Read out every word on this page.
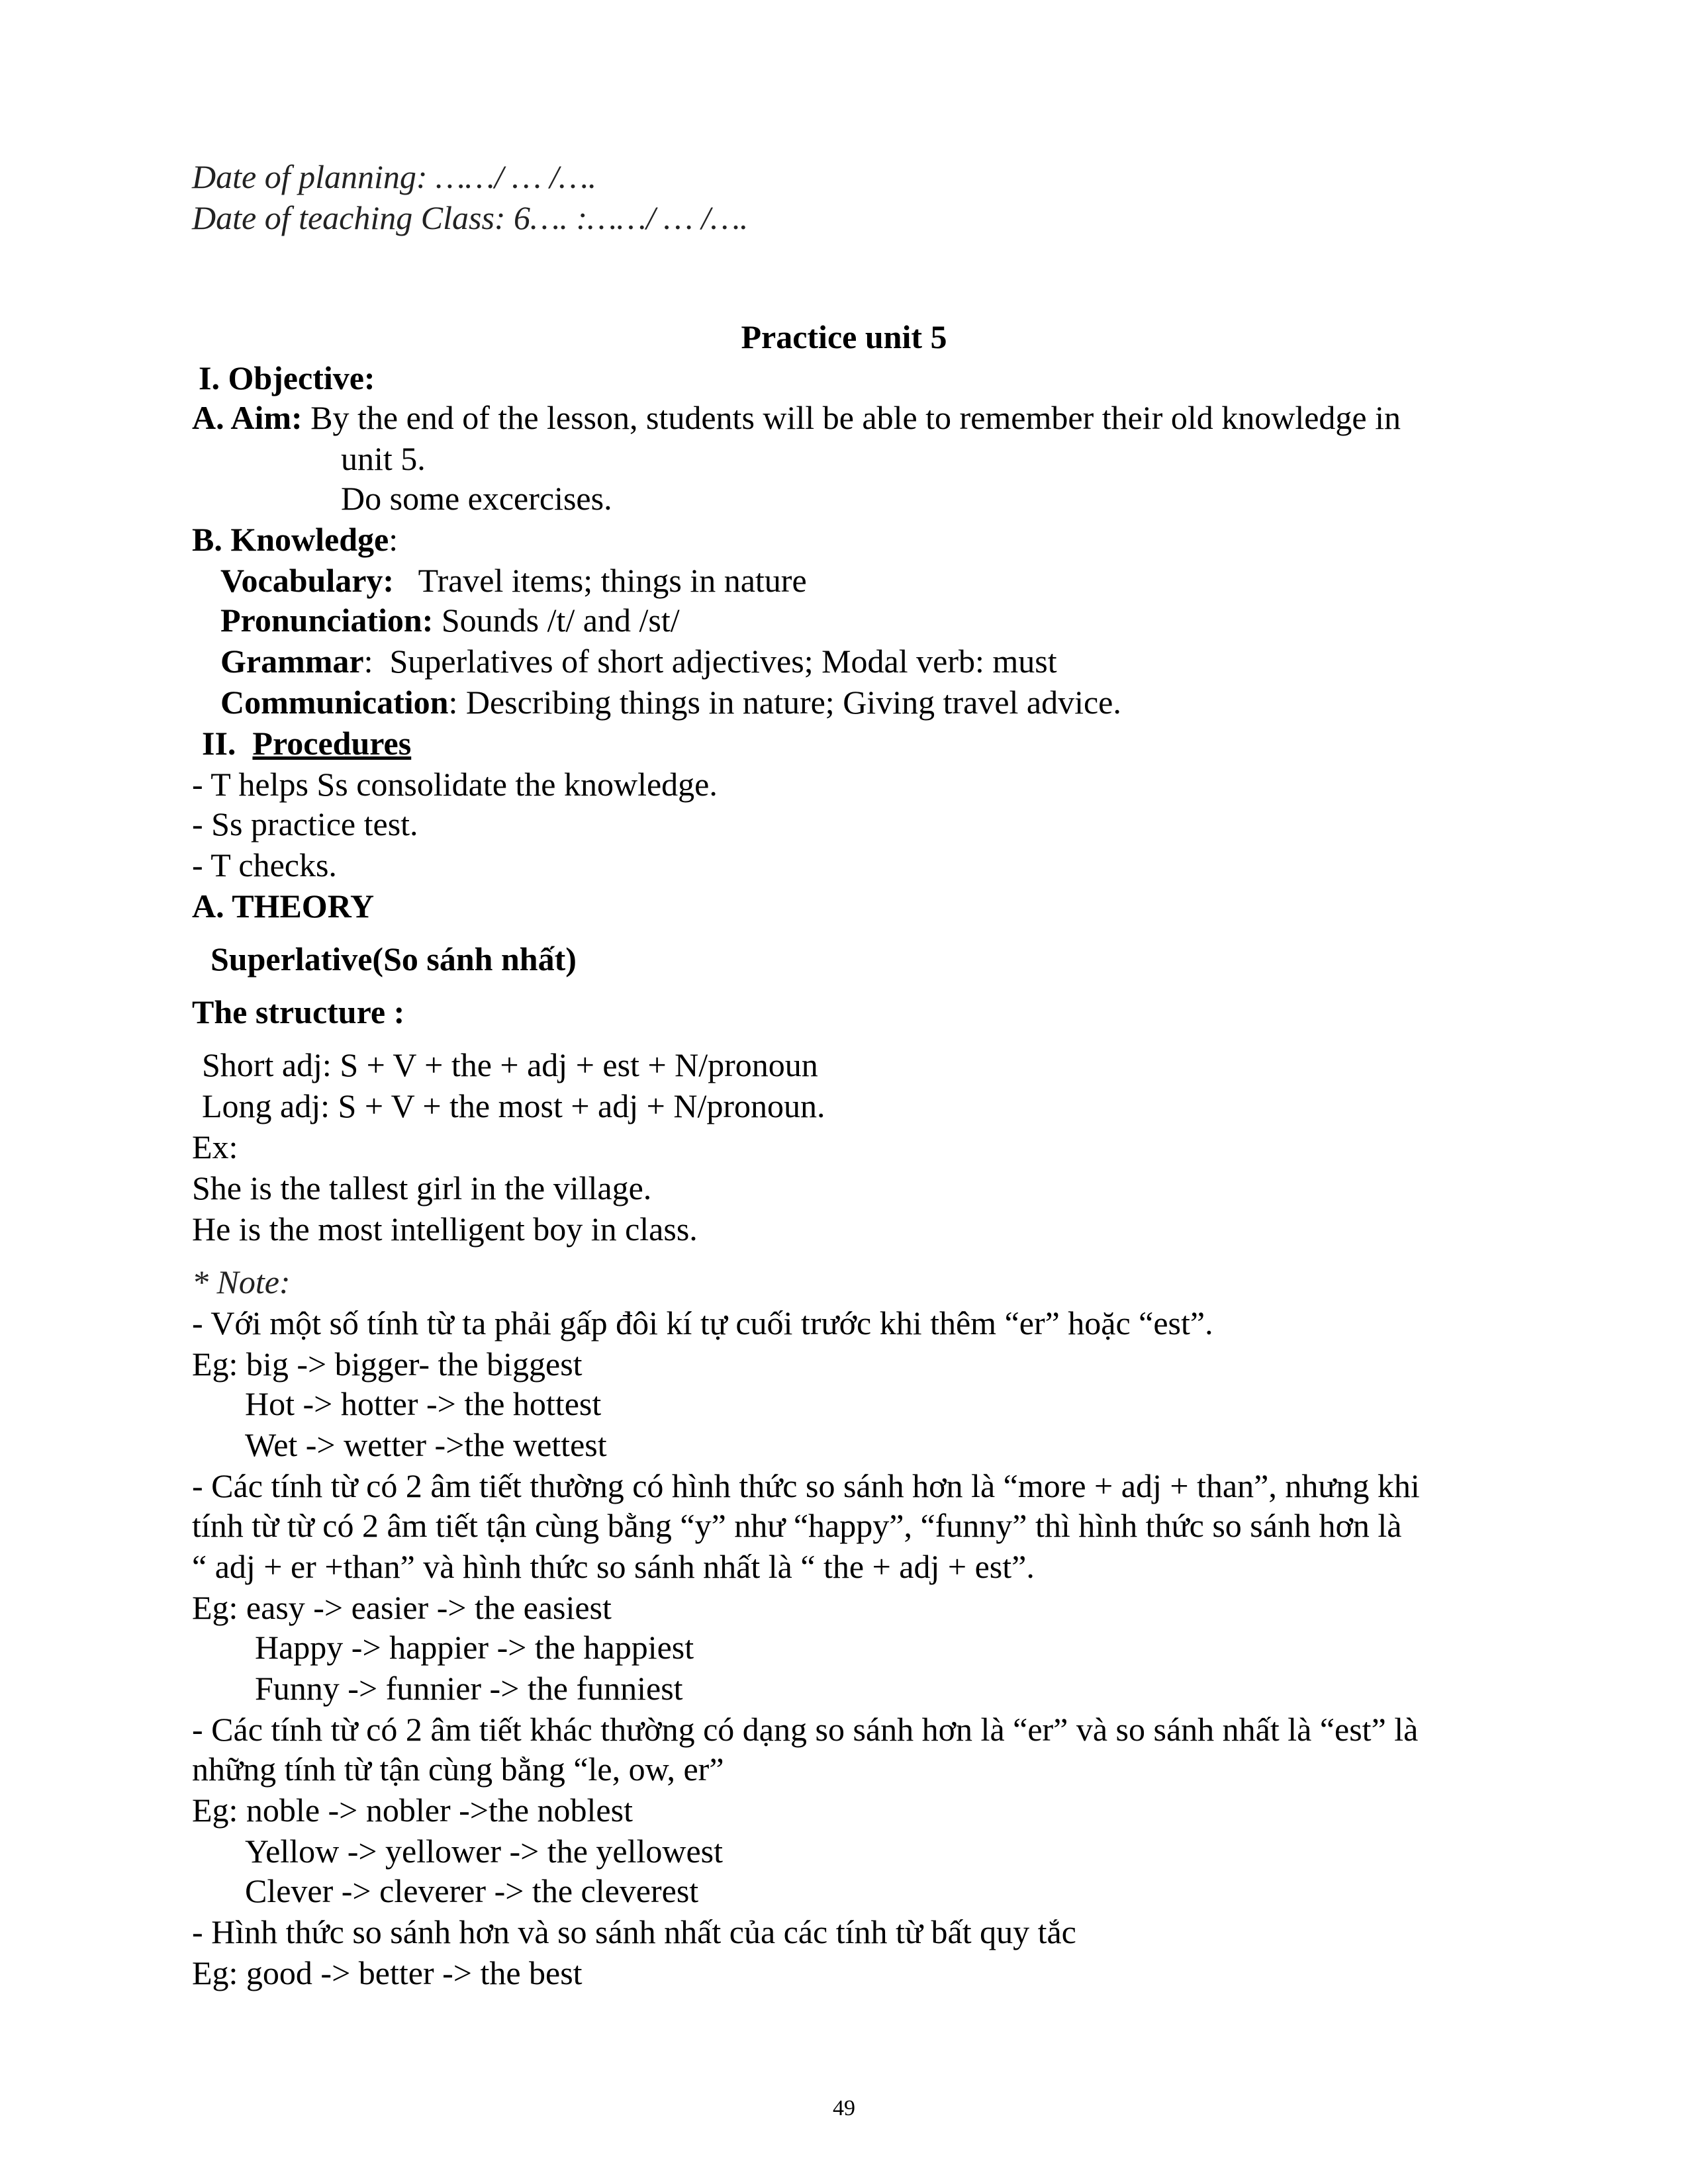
Date of planning: ……/ … /….
Date of teaching Class: 6…. :……/ … /….
Practice unit 5
I. Objective:
A. Aim: By the end of the lesson, students will be able to remember their old knowledge in
unit 5.
Do some excercises.
B. Knowledge:
Vocabulary:   Travel items; things in nature
Pronunciation: Sounds /t/ and /st/
Grammar:  Superlatives of short adjectives; Modal verb: must
Communication: Describing things in nature; Giving travel advice.
II. Procedures
- T helps Ss consolidate the knowledge.
- Ss practice test.
- T checks.
A. THEORY
Superlative(So sánh nhất)
The structure :
Short adj: S + V + the + adj + est + N/pronoun
Long adj: S + V + the most + adj + N/pronoun.
Ex:
She is the tallest girl in the village.
He is the most intelligent boy in class.
* Note:
- Với một số tính từ ta phải gấp đôi kí tự cuối trước khi thêm “er” hoặc “est”.
Eg: big -> bigger- the biggest
Hot -> hotter -> the hottest
Wet -> wetter ->the wettest
- Các tính từ có 2 âm tiết thường có hình thức so sánh hơn là “more + adj + than”, nhưng khi
tính từ từ có 2 âm tiết tận cùng bằng “y” như “happy”, “funny” thì hình thức so sánh hơn là
“ adj + er +than” và hình thức so sánh nhất là “ the + adj + est”.
Eg: easy -> easier -> the easiest
Happy -> happier -> the happiest
Funny -> funnier -> the funniest
- Các tính từ có 2 âm tiết khác thường có dạng so sánh hơn là “er” và so sánh nhất là “est” là
những tính từ tận cùng bằng “le, ow, er”
Eg: noble -> nobler ->the noblest
Yellow -> yellower -> the yellowest
Clever -> cleverer -> the cleverest
- Hình thức so sánh hơn và so sánh nhất của các tính từ bất quy tắc
Eg: good -> better -> the best
49
